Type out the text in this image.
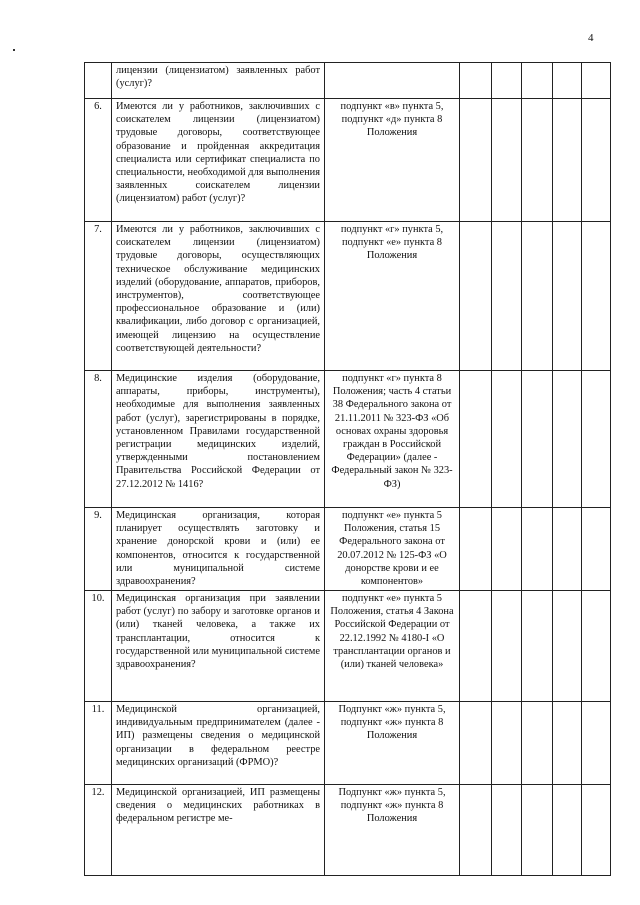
4
	лицензии (лицензиатом) заявленных работ (услуг)?						
6.	Имеются ли у работников, заключивших с соискателем лицензии (лицензиатом) трудовые договоры, соответствующее образование и пройденная аккредитация специалиста или сертификат специалиста по специальности, необходимой для выполнения заявленных соискателем лицензии (лицензиатом) работ (услуг)?	подпункт «в» пункта 5, подпункт «д» пункта 8 Положения					
7.	Имеются ли у работников, заключивших с соискателем лицензии (лицензиатом) трудовые договоры, осуществляющих техническое обслуживание медицинских изделий (оборудование, аппаратов, приборов, инструментов), соответствующее профессиональное образование и (или) квалификации, либо договор с организацией, имеющей лицензию на осуществление соответствующей деятельности?	подпункт «г» пункта 5, подпункт «е» пункта 8 Положения					
8.	Медицинские изделия (оборудование, аппараты, приборы, инструменты), необходимые для выполнения заявленных работ (услуг), зарегистрированы в порядке, установленном Правилами государственной регистрации медицинских изделий, утвержденными постановлением Правительства Российской Федерации от 27.12.2012 № 1416?	подпункт «г» пункта 8 Положения; часть 4 статьи 38 Федерального закона от 21.11.2011 № 323-ФЗ «Об основах охраны здоровья граждан в Российской Федерации» (далее - Федеральный закон № 323-ФЗ)					
9.	Медицинская организация, которая планирует осуществлять заготовку и хранение донорской крови и (или) ее компонентов, относится к государственной или муниципальной системе здравоохранения?	подпункт «е» пункта 5 Положения, статья 15 Федерального закона от 20.07.2012 № 125-ФЗ «О донорстве крови и ее компонентов»					
10.	Медицинская организация при заявлении работ (услуг) по забору и заготовке органов и (или) тканей человека, а также их трансплантации, относится к государственной или муниципальной системе здравоохранения?	подпункт «е» пункта 5 Положения, статья 4 Закона Российской Федерации от 22.12.1992 № 4180-I «О трансплантации органов и (или) тканей человека»					
11.	Медицинской организацией, индивидуальным предпринимателем (далее - ИП) размещены сведения о медицинской организации в федеральном реестре медицинских организаций (ФРМО)?	Подпункт «ж» пункта 5, подпункт «ж» пункта 8 Положения					
12.	Медицинской организацией, ИП размещены сведения о медицинских работниках в федеральном регистре ме-	Подпункт «ж» пункта 5, подпункт «ж» пункта 8 Положения					
